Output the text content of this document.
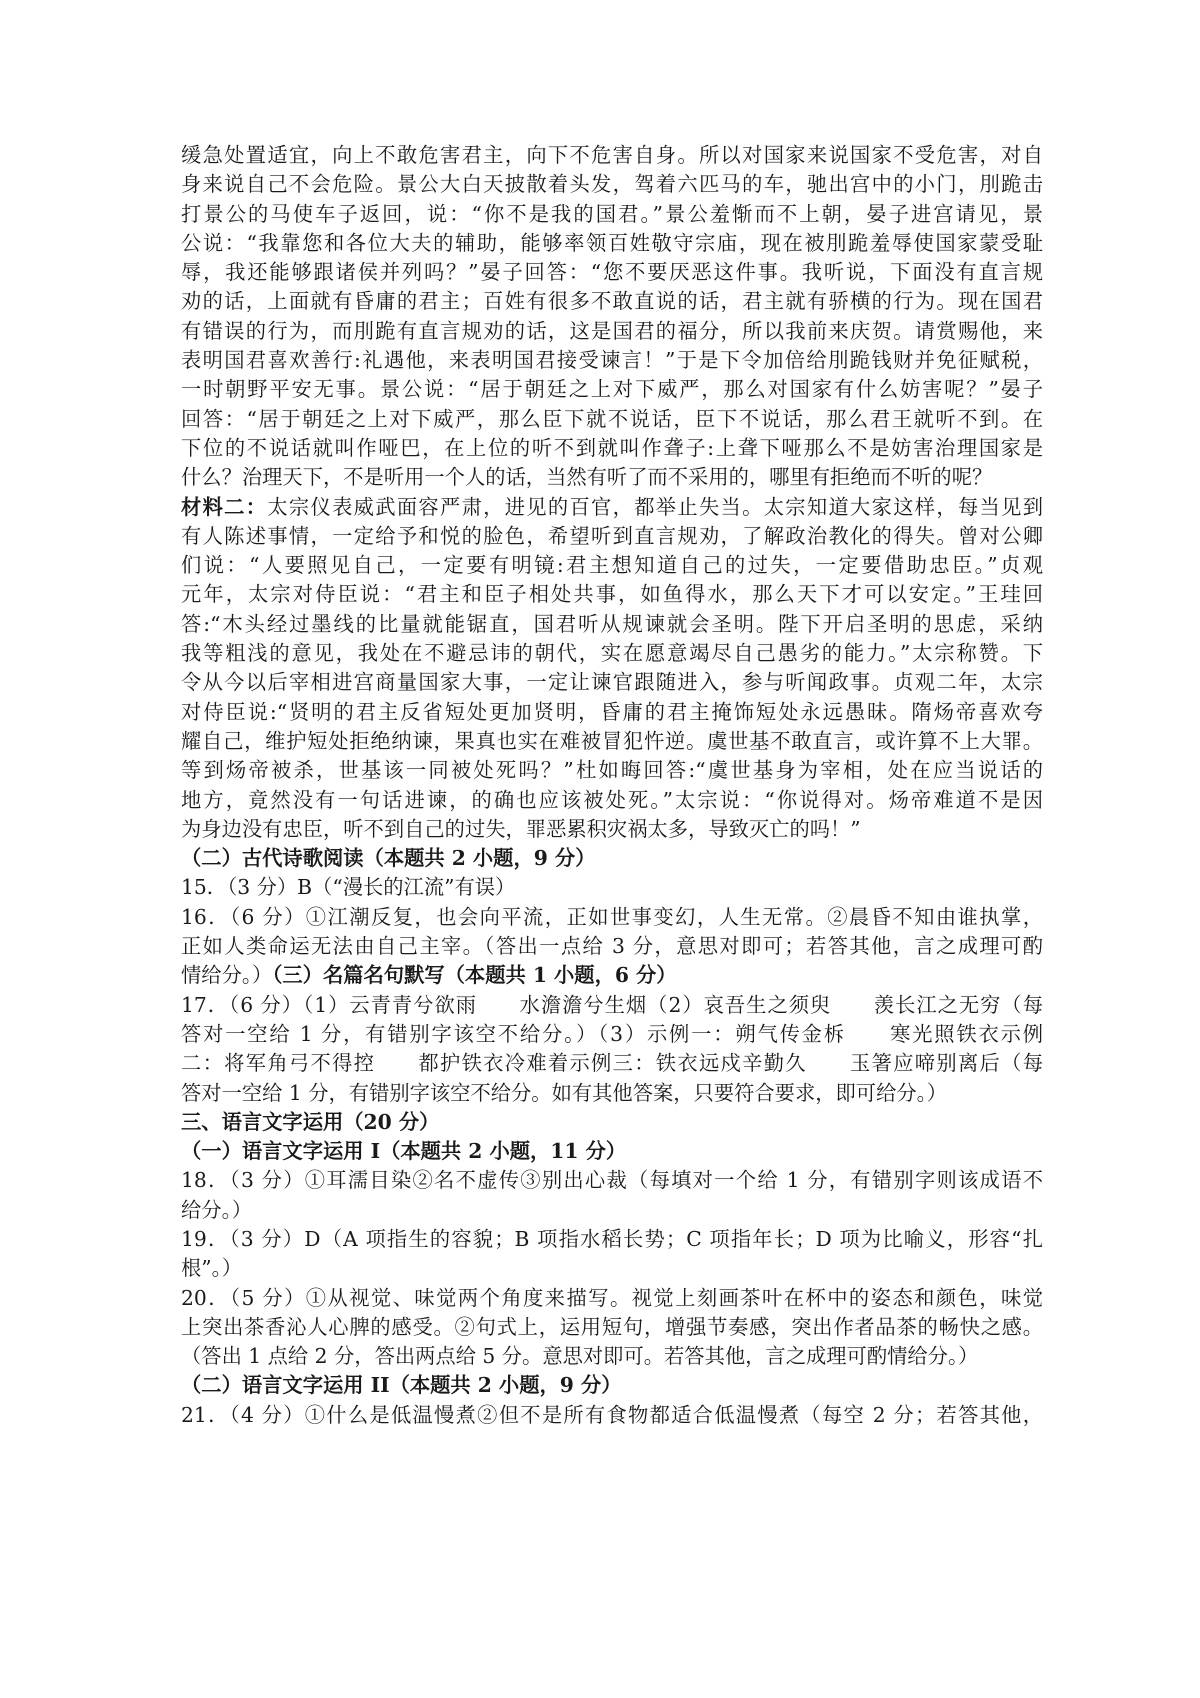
缓急处置适宜，向上不敢危害君主，向下不危害自身。所以对国家来说国家不受危害，对自
身来说自己不会危险。景公大白天披散着头发，驾着六匹马的车，驰出宫中的小门，刖跪击
打景公的马使车子返回，说：“你不是我的国君。”景公羞惭而不上朝，晏子进宫请见，景
公说：“我靠您和各位大夫的辅助，能够率领百姓敬守宗庙，现在被刖跪羞辱使国家蒙受耻
辱，我还能够跟诸侯并列吗？”晏子回答：“您不要厌恶这件事。我听说，下面没有直言规
劝的话，上面就有昏庸的君主；百姓有很多不敢直说的话，君主就有骄横的行为。现在国君
有错误的行为，而刖跪有直言规劝的话，这是国君的福分，所以我前来庆贺。请赏赐他，来
表明国君喜欢善行:礼遇他，来表明国君接受谏言！”于是下令加倍给刖跪钱财并免征赋税，
一时朝野平安无事。景公说：“居于朝廷之上对下威严，那么对国家有什么妨害呢？”晏子
回答：“居于朝廷之上对下威严，那么臣下就不说话，臣下不说话，那么君王就听不到。在
下位的不说话就叫作哑巴，在上位的听不到就叫作聋子:上聋下哑那么不是妨害治理国家是
什么？治理天下，不是听用一个人的话，当然有听了而不采用的，哪里有拒绝而不听的呢？
材料二：太宗仪表威武面容严肃，进见的百官，都举止失当。太宗知道大家这样，每当见到
有人陈述事情，一定给予和悦的脸色，希望听到直言规劝，了解政治教化的得失。曾对公卿
们说：“人要照见自己，一定要有明镜:君主想知道自己的过失，一定要借助忠臣。”贞观
元年，太宗对侍臣说：“君主和臣子相处共事，如鱼得水，那么天下才可以安定。”王珪回
答:“木头经过墨线的比量就能锯直，国君听从规谏就会圣明。陛下开启圣明的思虑，采纳
我等粗浅的意见，我处在不避忌讳的朝代，实在愿意竭尽自己愚劣的能力。”太宗称赞。下
令从今以后宰相进宫商量国家大事，一定让谏官跟随进入，参与听闻政事。贞观二年，太宗
对侍臣说:“贤明的君主反省短处更加贤明，昏庸的君主掩饰短处永远愚昧。隋炀帝喜欢夸
耀自己，维护短处拒绝纳谏，果真也实在难被冒犯忤逆。虞世基不敢直言，或许算不上大罪。
等到炀帝被杀，世基该一同被处死吗？”杜如晦回答:“虞世基身为宰相，处在应当说话的
地方，竟然没有一句话进谏，的确也应该被处死。”太宗说：“你说得对。炀帝难道不是因
为身边没有忠臣，听不到自己的过失，罪恶累积灾祸太多，导致灭亡的吗！”
（二）古代诗歌阅读（本题共 2 小题，9 分）
15．（3 分）B（“漫长的江流”有误）
16．（6 分）①江潮反复，也会向平流，正如世事变幻，人生无常。②晨昏不知由谁执掌，
正如人类命运无法由自己主宰。（答出一点给 3 分，意思对即可；若答其他，言之成理可酌
情给分。）（三）名篇名句默写（本题共 1 小题，6 分）
17．（6 分）（1）云青青兮欲雨　　水澹澹兮生烟（2）哀吾生之须臾　　羡长江之无穷（每
答对一空给 1 分，有错别字该空不给分。）（3）示例一：朔气传金柝　　寒光照铁衣示例
二：将军角弓不得控　　都护铁衣冷难着示例三：铁衣远戍辛勤久　　玉箸应啼别离后（每
答对一空给 1 分，有错别字该空不给分。如有其他答案，只要符合要求，即可给分。）
三、语言文字运用（20 分）
（一）语言文字运用 I（本题共 2 小题，11 分）
18．（3 分）①耳濡目染②名不虚传③别出心裁（每填对一个给 1 分，有错别字则该成语不
给分。）
19．（3 分）D（A 项指生的容貌；B 项指水稻长势；C 项指年长；D 项为比喻义，形容“扎
根”。）
20．（5 分）①从视觉、味觉两个角度来描写。视觉上刻画茶叶在杯中的姿态和颜色，味觉
上突出茶香沁人心脾的感受。②句式上，运用短句，增强节奏感，突出作者品茶的畅快之感。
（答出 1 点给 2 分，答出两点给 5 分。意思对即可。若答其他，言之成理可酌情给分。）
（二）语言文字运用 II（本题共 2 小题，9 分）
21．（4 分）①什么是低温慢煮②但不是所有食物都适合低温慢煮（每空 2 分；若答其他，
